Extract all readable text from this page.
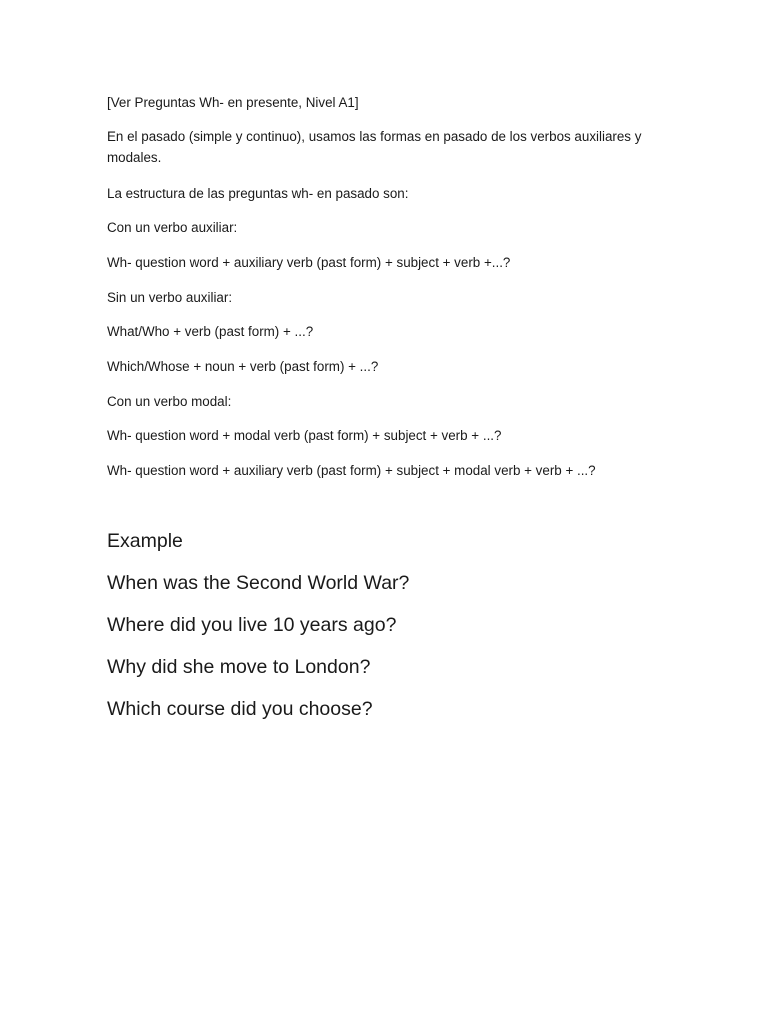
[Ver Preguntas Wh- en presente, Nivel A1]

En el pasado (simple y continuo), usamos las formas en pasado de los verbos auxiliares y modales.

La estructura de las preguntas wh- en pasado son:

Con un verbo auxiliar:

Wh- question word + auxiliary verb (past form) + subject + verb +...?

Sin un verbo auxiliar:

What/Who + verb (past form) + ...?

Which/Whose + noun + verb (past form) + ...?

Con un verbo modal:

Wh- question word + modal verb (past form) + subject + verb + ...?

Wh- question word + auxiliary verb (past form) + subject + modal verb + verb + ...?

Example

When was the Second World War?

Where did you live 10 years ago?

Why did she move to London?

Which course did you choose?
